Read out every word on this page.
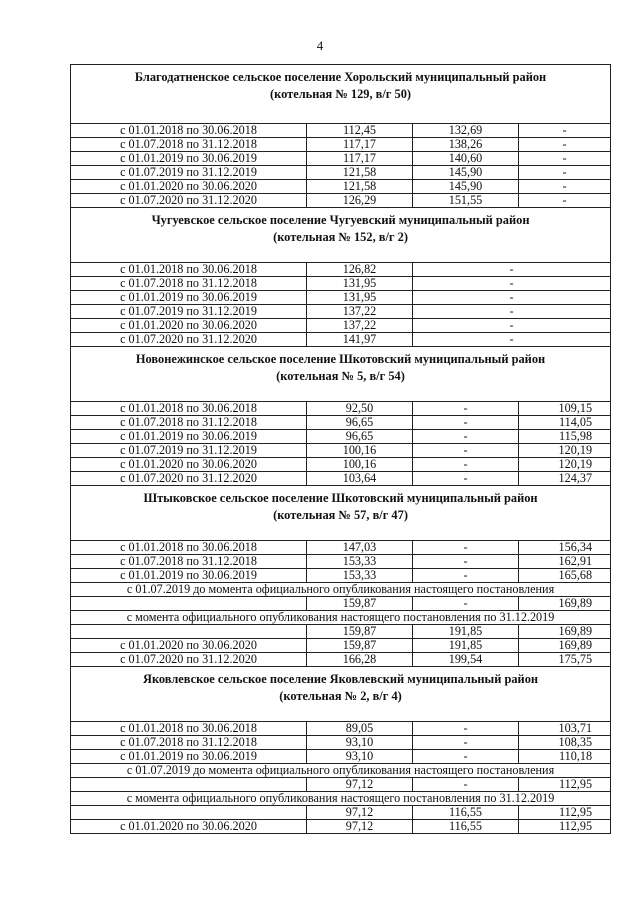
4
Благодатненское сельское поселение Хорольский муниципальный район
(котельная № 129, в/г 50)			

с 01.01.2018 по 30.06.2018	112,45	132,69	-
с 01.07.2018 по 31.12.2018	117,17	138,26	-
с 01.01.2019 по 30.06.2019	117,17	140,60	-
с 01.07.2019 по 31.12.2019	121,58	145,90	-
с 01.01.2020 по 30.06.2020	121,58	145,90	-
с 01.07.2020 по 31.12.2020	126,29	151,55	-

Чугуевское сельское поселение Чугуевский муниципальный район
(котельная № 152, в/г 2)			

с 01.01.2018 по 30.06.2018	126,82	-	
с 01.07.2018 по 31.12.2018	131,95	-	
с 01.01.2019 по 30.06.2019	131,95	-	
с 01.07.2019 по 31.12.2019	137,22	-	
с 01.01.2020 по 30.06.2020	137,22	-	
с 01.07.2020 по 31.12.2020	141,97	-	

Новонежинское сельское поселение Шкотовский муниципальный район
(котельная № 5, в/г 54)			

с 01.01.2018 по 30.06.2018	92,50	-	109,15
с 01.07.2018 по 31.12.2018	96,65	-	114,05
с 01.01.2019 по 30.06.2019	96,65	-	115,98
с 01.07.2019 по 31.12.2019	100,16	-	120,19
с 01.01.2020 по 30.06.2020	100,16	-	120,19
с 01.07.2020 по 31.12.2020	103,64	-	124,37

Штыковское сельское поселение Шкотовский муниципальный район
(котельная № 57, в/г 47)			

с 01.01.2018 по 30.06.2018	147,03	-	156,34
с 01.07.2018 по 31.12.2018	153,33	-	162,91
с 01.01.2019 по 30.06.2019	153,33	-	165,68
с 01.07.2019 до момента официального опубликования настоящего постановления			
	159,87	-	169,89
с момента официального опубликования настоящего постановления по 31.12.2019			
	159,87	191,85	169,89
с 01.01.2020 по 30.06.2020	159,87	191,85	169,89
с 01.07.2020 по 31.12.2020	166,28	199,54	175,75

Яковлевское сельское поселение Яковлевский муниципальный район
(котельная № 2, в/г 4)			

с 01.01.2018 по 30.06.2018	89,05	-	103,71
с 01.07.2018 по 31.12.2018	93,10	-	108,35
с 01.01.2019 по 30.06.2019	93,10	-	110,18
с 01.07.2019 до момента официального опубликования настоящего постановления			
	97,12	-	112,95
с момента официального опубликования настоящего постановления по 31.12.2019			
	97,12	116,55	112,95
с 01.01.2020 по 30.06.2020	97,12	116,55	112,95
